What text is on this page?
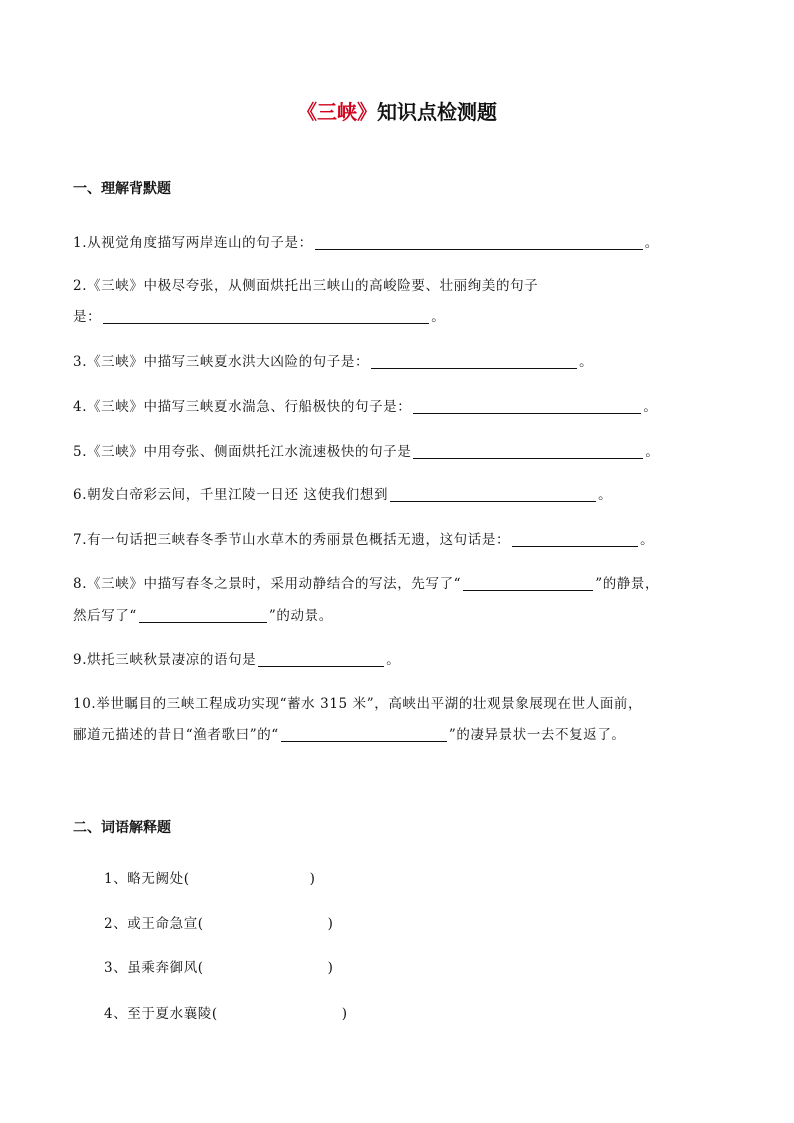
《三峡》知识点检测题
一、理解背默题
1.从视觉角度描写两岸连山的句子是：	。
2.《三峡》中极尽夸张，从侧面烘托出三峡山的高峻险要、壮丽绚美的句子
是：	。
3.《三峡》中描写三峡夏水洪大凶险的句子是：	。
4.《三峡》中描写三峡夏水湍急、行船极快的句子是：	。
5.《三峡》中用夸张、侧面烘托江水流速极快的句子是	。
6.朝发白帝彩云间，千里江陵一日还 这使我们想到	。
7.有一句话把三峡春冬季节山水草木的秀丽景色概括无遗，这句话是：	。
8.《三峡》中描写春冬之景时，采用动静结合的写法，先写了“	”的静景，
然后写了“	”的动景。
9.烘托三峡秋景凄凉的语句是	。
10.举世瞩目的三峡工程成功实现“蓄水 315 米”，高峡出平湖的壮观景象展现在世人面前，
郦道元描述的昔日“渔者歌曰”的“	”的凄异景状一去不复返了。
二、词语解释题
1、略无阙处(	)
2、或王命急宣(	)
3、虽乘奔御风(	)
4、至于夏水襄陵(	)
